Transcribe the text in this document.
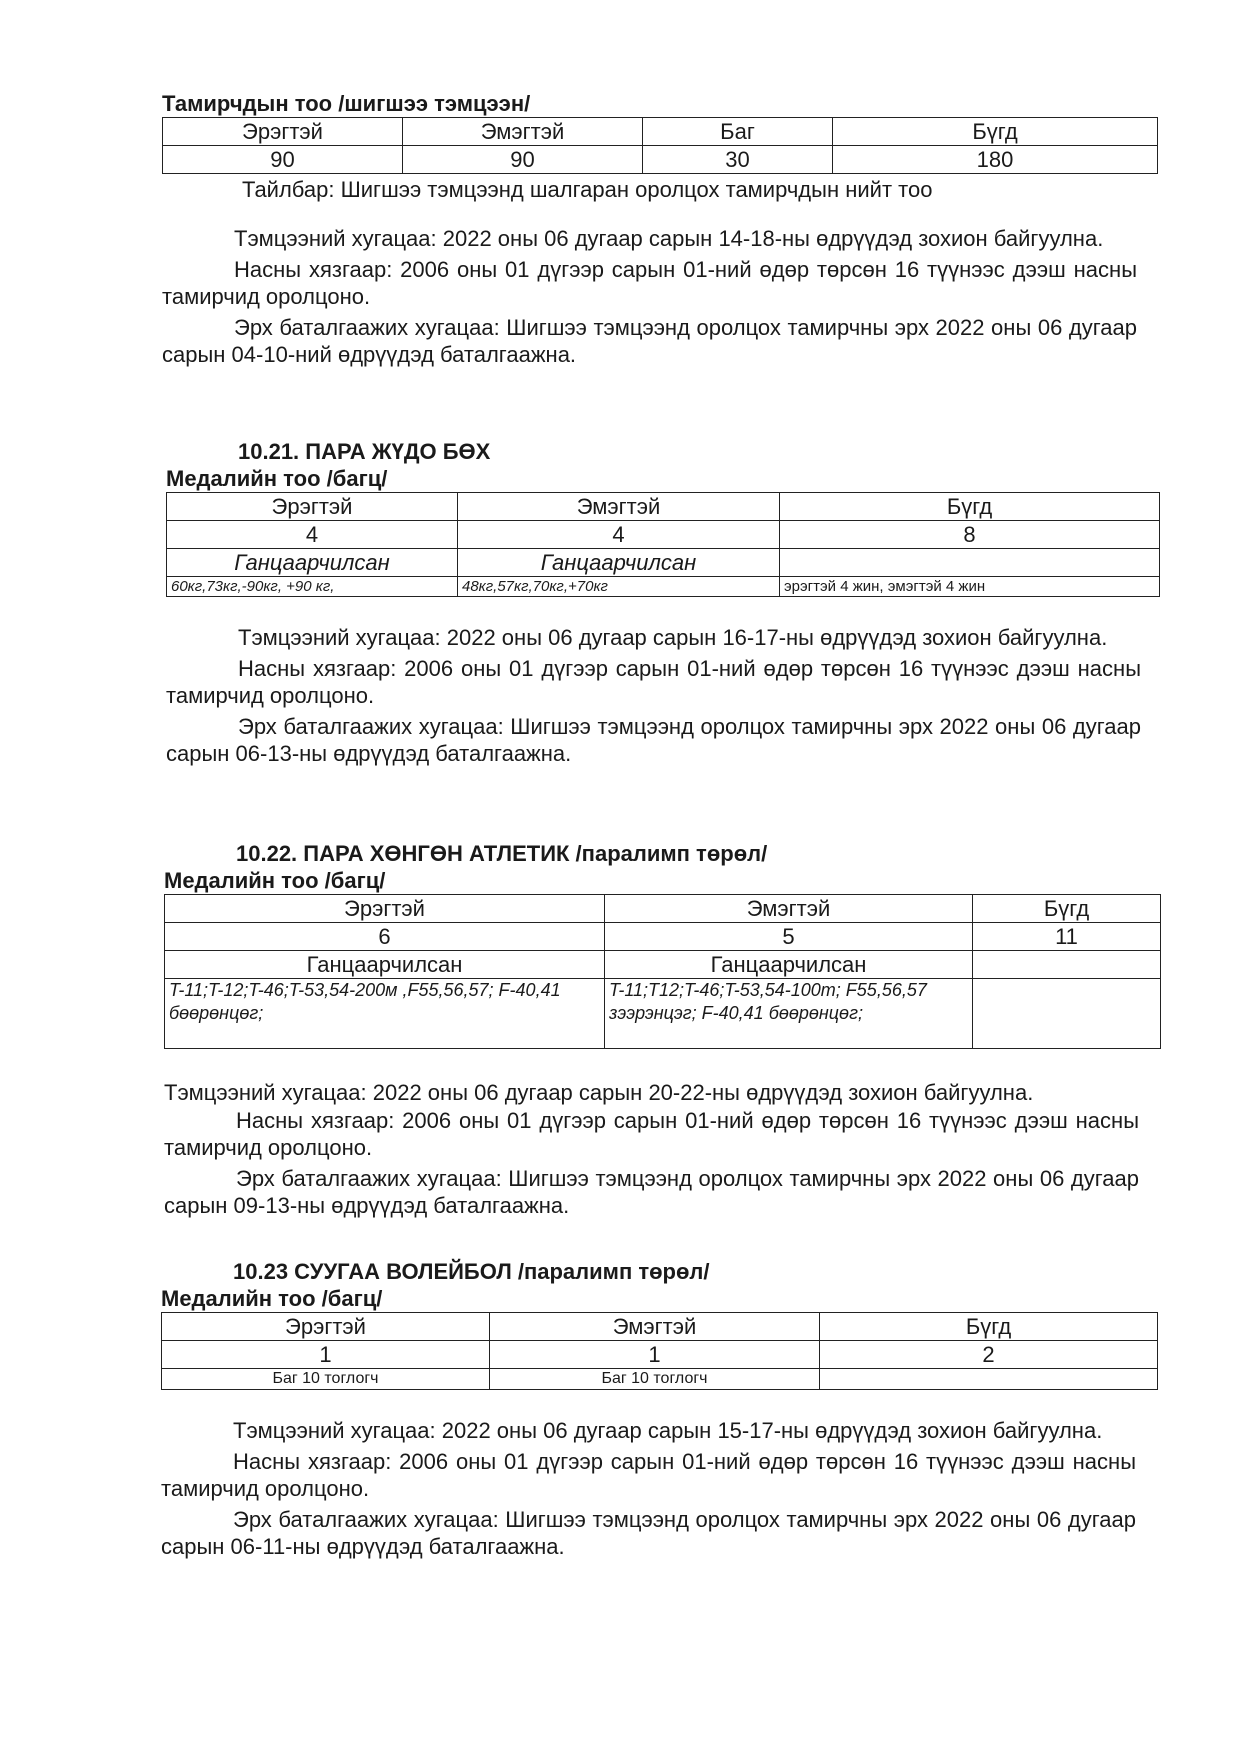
Тамирчдын тоо /шигшээ тэмцээн/
Эрэгтэй	Эмэгтэй	Баг	Бүгд
90	90	30	180

Тайлбар: Шигшээ тэмцээнд шалгаран оролцох тамирчдын нийт тоо

Тэмцээний хугацаа: 2022 оны 06 дугаар сарын 14-18-ны өдрүүдэд зохион байгуулна.

Насны хязгаар: 2006 оны 01 дүгээр сарын 01-ний өдөр төрсөн 16 түүнээс дээш насны тамирчид оролцоно.

Эрх баталгаажих хугацаа: Шигшээ тэмцээнд оролцох тамирчны эрх 2022 оны 06 дугаар сарын 04-10-ний өдрүүдэд баталгаажна.

10.21. ПАРА ЖҮДО БӨХ
Медалийн тоо /багц/
Эрэгтэй	Эмэгтэй	Бүгд
4	4	8
Ганцаарчилсан	Ганцаарчилсан	
60кг,73кг,-90кг, +90 кг,	48кг,57кг,70кг,+70кг	эрэгтэй 4 жин, эмэгтэй 4 жин

Тэмцээний хугацаа: 2022 оны 06 дугаар сарын 16-17-ны өдрүүдэд зохион байгуулна.

Насны хязгаар: 2006 оны 01 дүгээр сарын 01-ний өдөр төрсөн 16 түүнээс дээш насны тамирчид оролцоно.

Эрх баталгаажих хугацаа: Шигшээ тэмцээнд оролцох тамирчны эрх 2022 оны 06 дугаар сарын 06-13-ны өдрүүдэд баталгаажна.

10.22. ПАРА ХӨНГӨН АТЛЕТИК /паралимп төрөл/
Медалийн тоо /багц/
Эрэгтэй	Эмэгтэй	Бүгд
6	5	11
Ганцаарчилсан	Ганцаарчилсан	
T-11;T-12;T-46;T-53,54-200м ,F55,56,57; F-40,41 бөөрөнцөг;	T-11;T12;T-46;T-53,54-100m; F55,56,57 зээрэнцэг; F-40,41 бөөрөнцөг;	

Тэмцээний хугацаа: 2022 оны 06 дугаар сарын 20-22-ны өдрүүдэд зохион байгуулна.

Насны хязгаар: 2006 оны 01 дүгээр сарын 01-ний өдөр төрсөн 16 түүнээс дээш насны тамирчид оролцоно.

Эрх баталгаажих хугацаа: Шигшээ тэмцээнд оролцох тамирчны эрх 2022 оны 06 дугаар сарын 09-13-ны өдрүүдэд баталгаажна.

10.23 СУУГАА ВОЛЕЙБОЛ /паралимп төрөл/
Медалийн тоо /багц/
Эрэгтэй	Эмэгтэй	Бүгд
1	1	2
Баг 10 тоглогч	Баг 10 тоглогч	

Тэмцээний хугацаа: 2022 оны 06 дугаар сарын 15-17-ны өдрүүдэд зохион байгуулна.

Насны хязгаар: 2006 оны 01 дүгээр сарын 01-ний өдөр төрсөн 16 түүнээс дээш насны тамирчид оролцоно.

Эрх баталгаажих хугацаа: Шигшээ тэмцээнд оролцох тамирчны эрх 2022 оны 06 дугаар сарын 06-11-ны өдрүүдэд баталгаажна.
